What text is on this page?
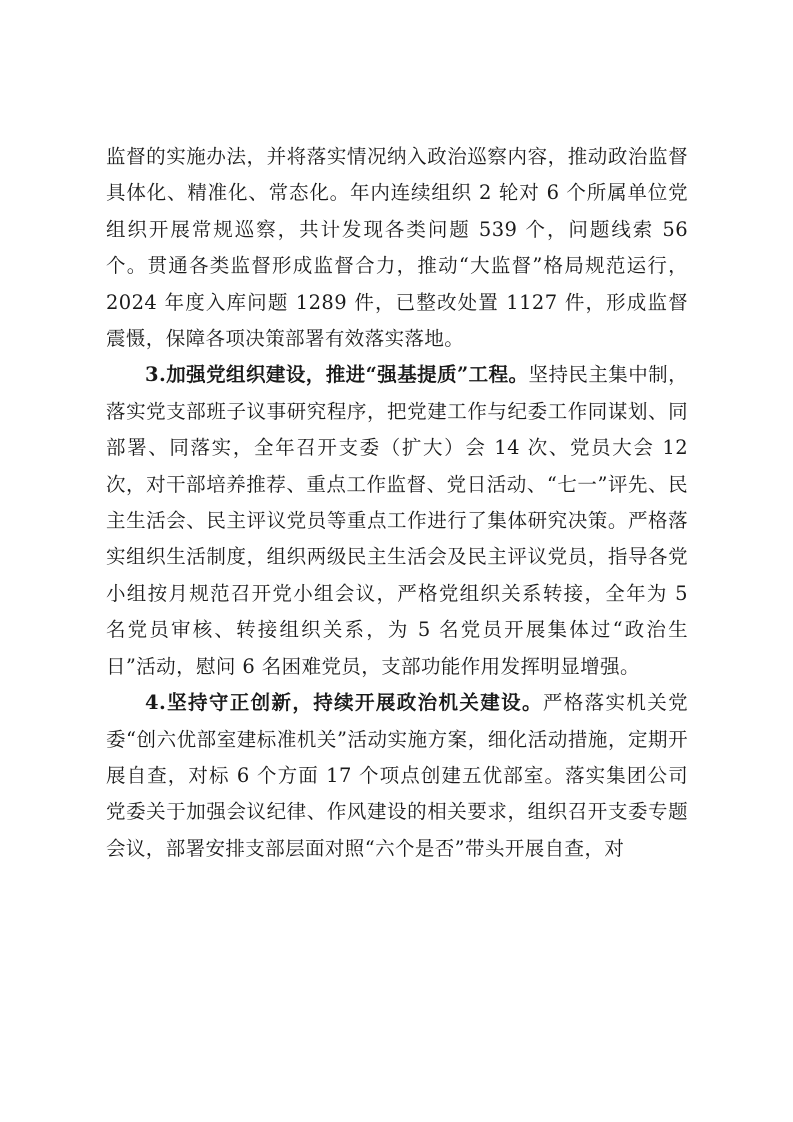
监督的实施办法，并将落实情况纳入政治巡察内容，推动政治监督具体化、精准化、常态化。年内连续组织 2 轮对 6 个所属单位党组织开展常规巡察，共计发现各类问题 539 个，问题线索 56 个。贯通各类监督形成监督合力，推动“大监督”格局规范运行，2024 年度入库问题 1289 件，已整改处置 1127 件，形成监督震慑，保障各项决策部署有效落实落地。

3.加强党组织建设，推进“强基提质”工程。坚持民主集中制，落实党支部班子议事研究程序，把党建工作与纪委工作同谋划、同部署、同落实，全年召开支委（扩大）会 14 次、党员大会 12 次，对干部培养推荐、重点工作监督、党日活动、“七一”评先、民主生活会、民主评议党员等重点工作进行了集体研究决策。严格落实组织生活制度，组织两级民主生活会及民主评议党员，指导各党小组按月规范召开党小组会议，严格党组织关系转接，全年为 5 名党员审核、转接组织关系，为 5 名党员开展集体过“政治生日”活动，慰问 6 名困难党员，支部功能作用发挥明显增强。

4.坚持守正创新，持续开展政治机关建设。严格落实机关党委“创六优部室建标准机关”活动实施方案，细化活动措施，定期开展自查，对标 6 个方面 17 个项点创建五优部室。落实集团公司党委关于加强会议纪律、作风建设的相关要求，组织召开支委专题会议，部署安排支部层面对照“六个是否”带头开展自查，对
